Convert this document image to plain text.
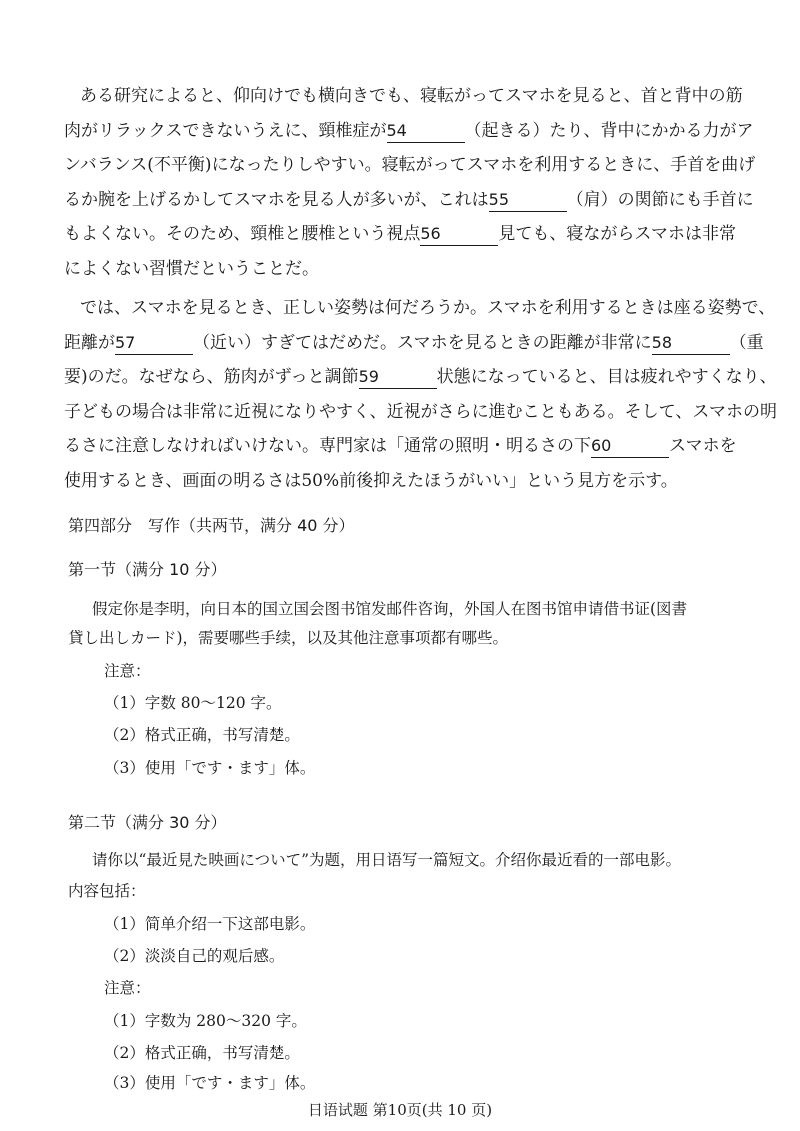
ある研究によると、仰向けでも横向きでも、寝転がってスマホを見ると、首と背中の筋
肉がリラックスできないうえに、頸椎症が54	（起きる）たり、背中にかかる力がア
ンバランス(不平衡)になったりしやすい。寝転がってスマホを利用するときに、手首を曲げ
るか腕を上げるかしてスマホを見る人が多いが、これは55	（肩）の関節にも手首に
もよくない。そのため、頸椎と腰椎という視点56	見ても、寝ながらスマホは非常
によくない習慣だということだ。
では、スマホを見るとき、正しい姿勢は何だろうか。スマホを利用するときは座る姿勢で、
距離が57	（近い）すぎてはだめだ。スマホを見るときの距離が非常に58	（重
要)のだ。なぜなら、筋肉がずっと調節59	状態になっていると、目は疲れやすくなり、
子どもの場合は非常に近視になりやすく、近視がさらに進むこともある。そして、スマホの明
るさに注意しなければいけない。専門家は「通常の照明・明るさの下60	スマホを
使用するとき、画面の明るさは50%前後抑えたほうがいい」という見方を示す。
第四部分　写作（共两节，满分 40 分）
第一节（满分 10 分）
假定你是李明，向日本的国立国会图书馆发邮件咨询，外国人在图书馆申请借书证(図書
貸し出しカード)，需要哪些手续，以及其他注意事项都有哪些。
注意：
（1）字数 80～120 字。
（2）格式正确，书写清楚。
（3）使用「です・ます」体。
第二节（满分 30 分）
请你以“最近見た映画について”为题，用日语写一篇短文。介绍你最近看的一部电影。
内容包括：
（1）简单介绍一下这部电影。
（2）淡淡自己的观后感。
注意：
（1）字数为 280～320 字。
（2）格式正确，书写清楚。
（3）使用「です・ます」体。
日语试题 第10页(共 10 页)
